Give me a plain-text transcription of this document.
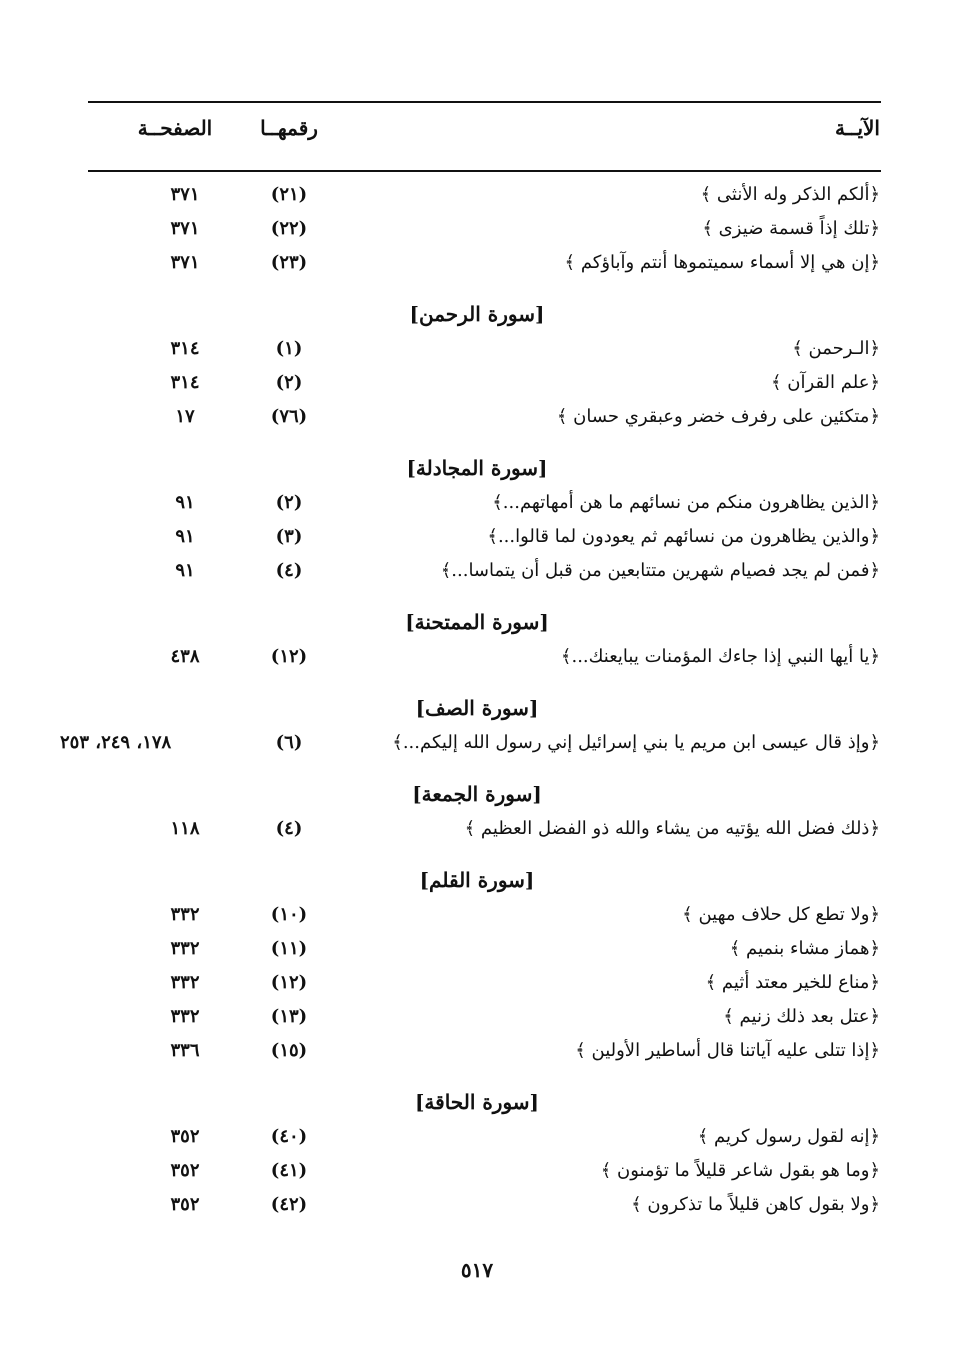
الآيــة
رقمهــا
الصفحــة
﴿ألكم الذكر وله الأنثى ﴾
(٢١)
٣٧١
﴿تلك إذاً قسمة ضيزى ﴾
(٢٢)
٣٧١
﴿إن هي إلا أسماء سميتموها أنتم وآباؤكم ﴾
(٢٣)
٣٧١
[سورة الرحمن]
﴿الـرحمن ﴾
(١)
٣١٤
﴿علم القرآن ﴾
(٢)
٣١٤
﴿متكئين على رفرف خضر وعبقري حسان ﴾
(٧٦)
١٧
[سورة المجادلة]
﴿الذين يظاهرون منكم من نسائهم ما هن أمهاتهم...﴾
(٢)
٩١
﴿والذين يظاهرون من نسائهم ثم يعودون لما قالوا...﴾
(٣)
٩١
﴿فمن لم يجد فصيام شهرين متتابعين من قبل أن يتماسا...﴾
(٤)
٩١
[سورة الممتحنة]
﴿يا أيها النبي إذا جاءك المؤمنات يبايعنك...﴾
(١٢)
٤٣٨
[سورة الصف]
﴿وإذ قال عيسى ابن مريم يا بني إسرائيل إني رسول الله إليكم...﴾
(٦)
١٧٨، ٢٤٩، ٢٥٣
[سورة الجمعة]
﴿ذلك فضل الله يؤتيه من يشاء والله ذو الفضل العظيم ﴾
(٤)
١١٨
[سورة القلم]
﴿ولا تطع كل حلاف مهين ﴾
(١٠)
٣٣٢
﴿هماز مشاء بنميم ﴾
(١١)
٣٣٢
﴿مناع للخير معتد أثيم ﴾
(١٢)
٣٣٢
﴿عتل بعد ذلك زنيم ﴾
(١٣)
٣٣٢
﴿إذا تتلى عليه آياتنا قال أساطير الأولين ﴾
(١٥)
٣٣٦
[سورة الحاقة]
﴿إنه لقول رسول كريم ﴾
(٤٠)
٣٥٢
﴿وما هو بقول شاعر قليلاً ما تؤمنون ﴾
(٤١)
٣٥٢
﴿ولا بقول كاهن قليلاً ما تذكرون ﴾
(٤٢)
٣٥٢
٥١٧
